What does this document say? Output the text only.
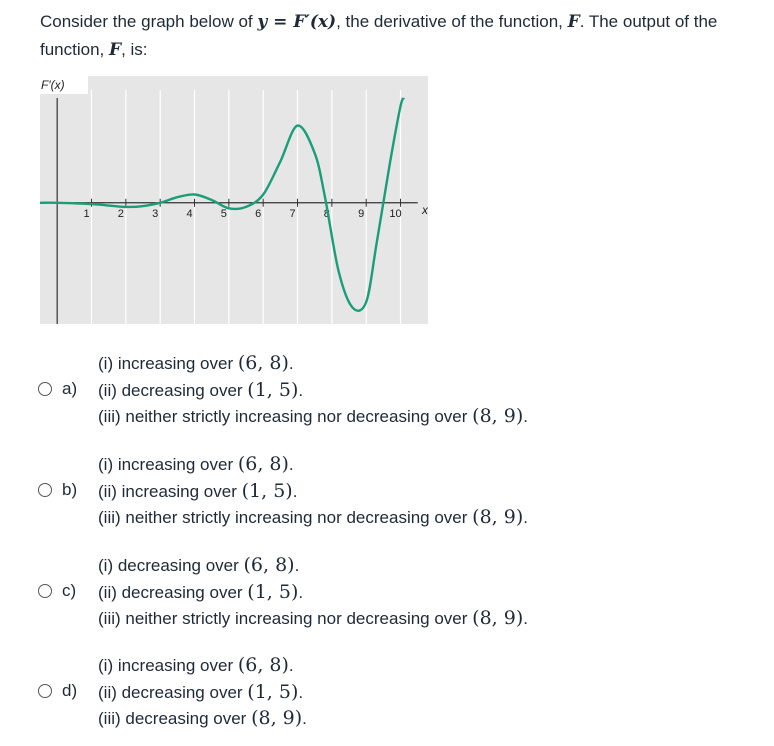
Consider the graph below of y = F′(x), the derivative of the function, F. The output of the function, F, is:
1	2	3	4	5	6	7	8	9 10
F′(x)
x
a)
(i) increasing over (6, 8).
(ii) decreasing over (1, 5).
(iii) neither strictly increasing nor decreasing over (8, 9).
b)
(i) increasing over (6, 8).
(ii) increasing over (1, 5).
(iii) neither strictly increasing nor decreasing over (8, 9).
c)
(i) decreasing over (6, 8).
(ii) decreasing over (1, 5).
(iii) neither strictly increasing nor decreasing over (8, 9).
d)
(i) increasing over (6, 8).
(ii) decreasing over (1, 5).
(iii) decreasing over (8, 9).
